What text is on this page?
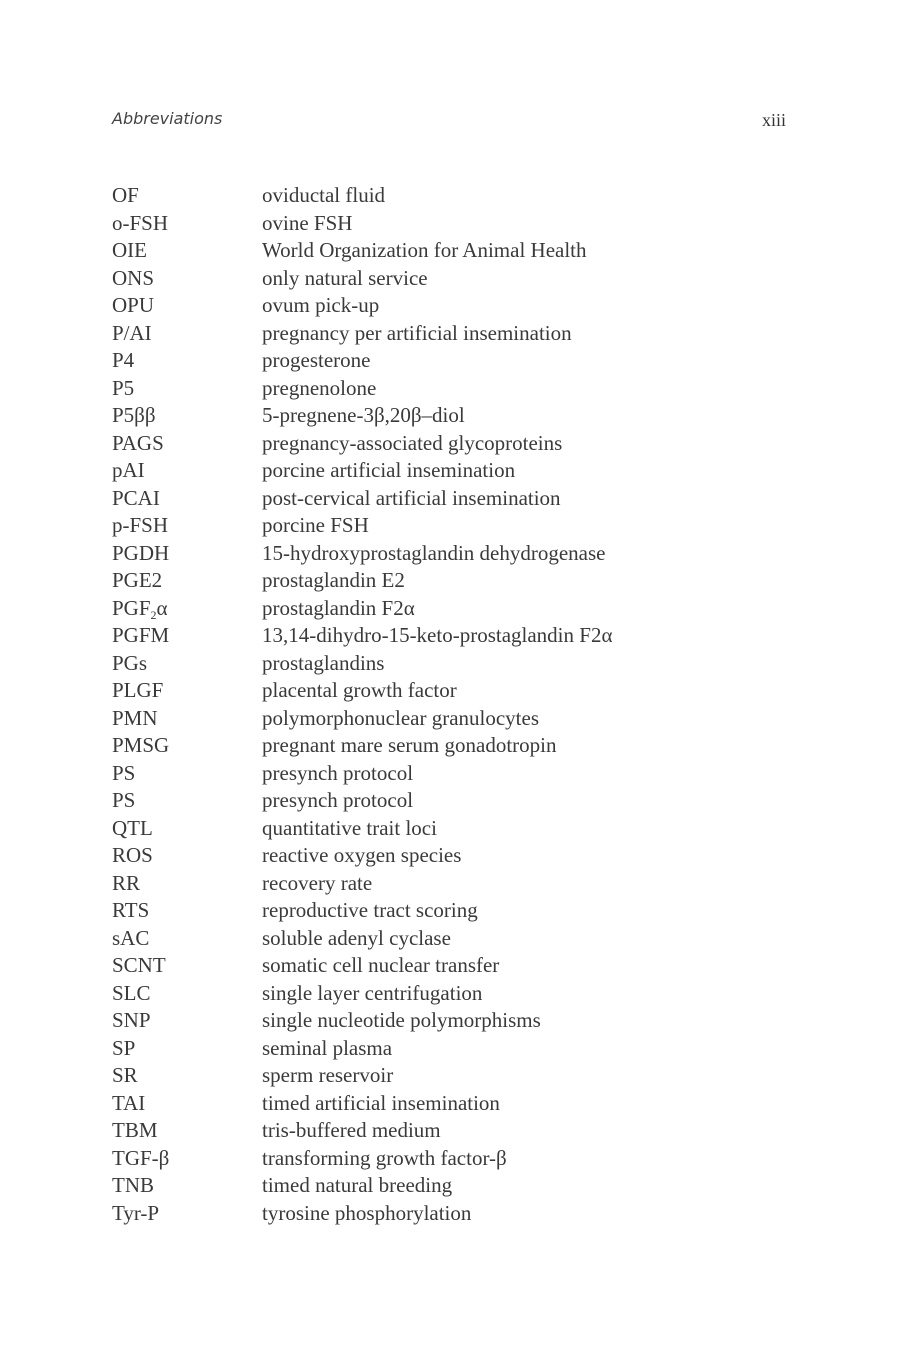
Abbreviations	xiii
OF	oviductal fluid
o-FSH	ovine FSH
OIE	World Organization for Animal Health
ONS	only natural service
OPU	ovum pick-up
P/AI	pregnancy per artificial insemination
P4	progesterone
P5	pregnenolone
P5ββ	5-pregnene-3β,20β–diol
PAGS	pregnancy-associated glycoproteins
pAI	porcine artificial insemination
PCAI	post-cervical artificial insemination
p-FSH	porcine FSH
PGDH	15-hydroxyprostaglandin dehydrogenase
PGE2	prostaglandin E2
$PGF_2\alpha$	prostaglandin F2α
PGFM	13,14-dihydro-15-keto-prostaglandin F2α
PGs	prostaglandins
PLGF	placental growth factor
PMN	polymorphonuclear granulocytes
PMSG	pregnant mare serum gonadotropin
PS	presynch protocol
PS	presynch protocol
QTL	quantitative trait loci
ROS	reactive oxygen species
RR	recovery rate
RTS	reproductive tract scoring
sAC	soluble adenyl cyclase
SCNT	somatic cell nuclear transfer
SLC	single layer centrifugation
SNP	single nucleotide polymorphisms
SP	seminal plasma
SR	sperm reservoir
TAI	timed artificial insemination
TBM	tris-buffered medium
TGF-β	transforming growth factor-β
TNB	timed natural breeding
Tyr-P	tyrosine phosphorylation
